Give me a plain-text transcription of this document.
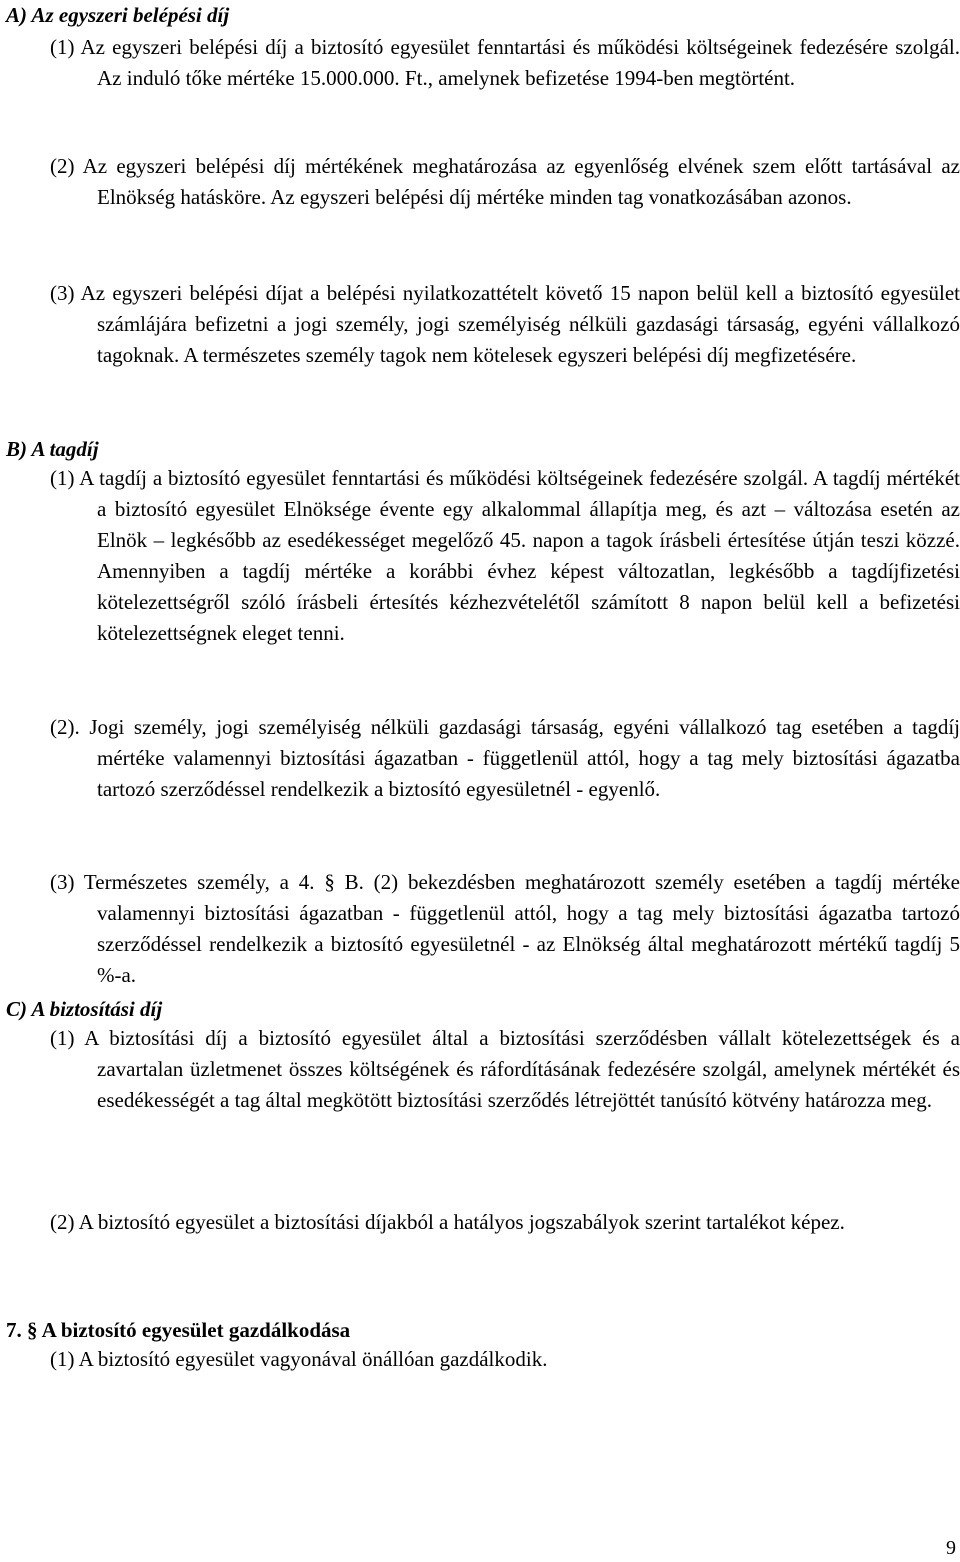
A) Az egyszeri belépési díj

(1) Az egyszeri belépési díj a biztosító egyesület fenntartási és működési költségeinek fedezésére szolgál. Az induló tőke mértéke 15.000.000. Ft., amelynek befizetése 1994-ben megtörtént.

(2) Az egyszeri belépési díj mértékének meghatározása az egyenlőség elvének szem előtt tartásával az Elnökség hatásköre. Az egyszeri belépési díj mértéke minden tag vonatkozásában azonos.

(3) Az egyszeri belépési díjat a belépési nyilatkozattételt követő 15 napon belül kell a biztosító egyesület számlájára befizetni a jogi személy, jogi személyiség nélküli gazdasági társaság, egyéni vállalkozó tagoknak. A természetes személy tagok nem kötelesek egyszeri belépési díj megfizetésére.

B) A tagdíj

(1) A tagdíj a biztosító egyesület fenntartási és működési költségeinek fedezésére szolgál. A tagdíj mértékét a biztosító egyesület Elnöksége évente egy alkalommal állapítja meg, és azt – változása esetén az Elnök – legkésőbb az esedékességet megelőző 45. napon a tagok írásbeli értesítése útján teszi közzé. Amennyiben a tagdíj mértéke a korábbi évhez képest változatlan, legkésőbb a tagdíjfizetési kötelezettségről szóló írásbeli értesítés kézhezvételétől számított 8 napon belül kell a befizetési kötelezettségnek eleget tenni.

(2). Jogi személy, jogi személyiség nélküli gazdasági társaság, egyéni vállalkozó tag esetében a tagdíj mértéke valamennyi biztosítási ágazatban - függetlenül attól, hogy a tag mely biztosítási ágazatba tartozó szerződéssel rendelkezik a biztosító egyesületnél - egyenlő.

(3) Természetes személy, a 4. § B. (2) bekezdésben meghatározott személy esetében a tagdíj mértéke valamennyi biztosítási ágazatban - függetlenül attól, hogy a tag mely biztosítási ágazatba tartozó szerződéssel rendelkezik a biztosító egyesületnél - az Elnökség által meghatározott mértékű tagdíj 5 %-a.

C) A biztosítási díj

(1) A biztosítási díj a biztosító egyesület által a biztosítási szerződésben vállalt kötelezettségek és a zavartalan üzletmenet összes költségének és ráfordításának fedezésére szolgál, amelynek mértékét és esedékességét a tag által megkötött biztosítási szerződés létrejöttét tanúsító kötvény határozza meg.

(2) A biztosító egyesület a biztosítási díjakból a hatályos jogszabályok szerint tartalékot képez.

7. § A biztosító egyesület gazdálkodása

(1) A biztosító egyesület vagyonával önállóan gazdálkodik.

9
